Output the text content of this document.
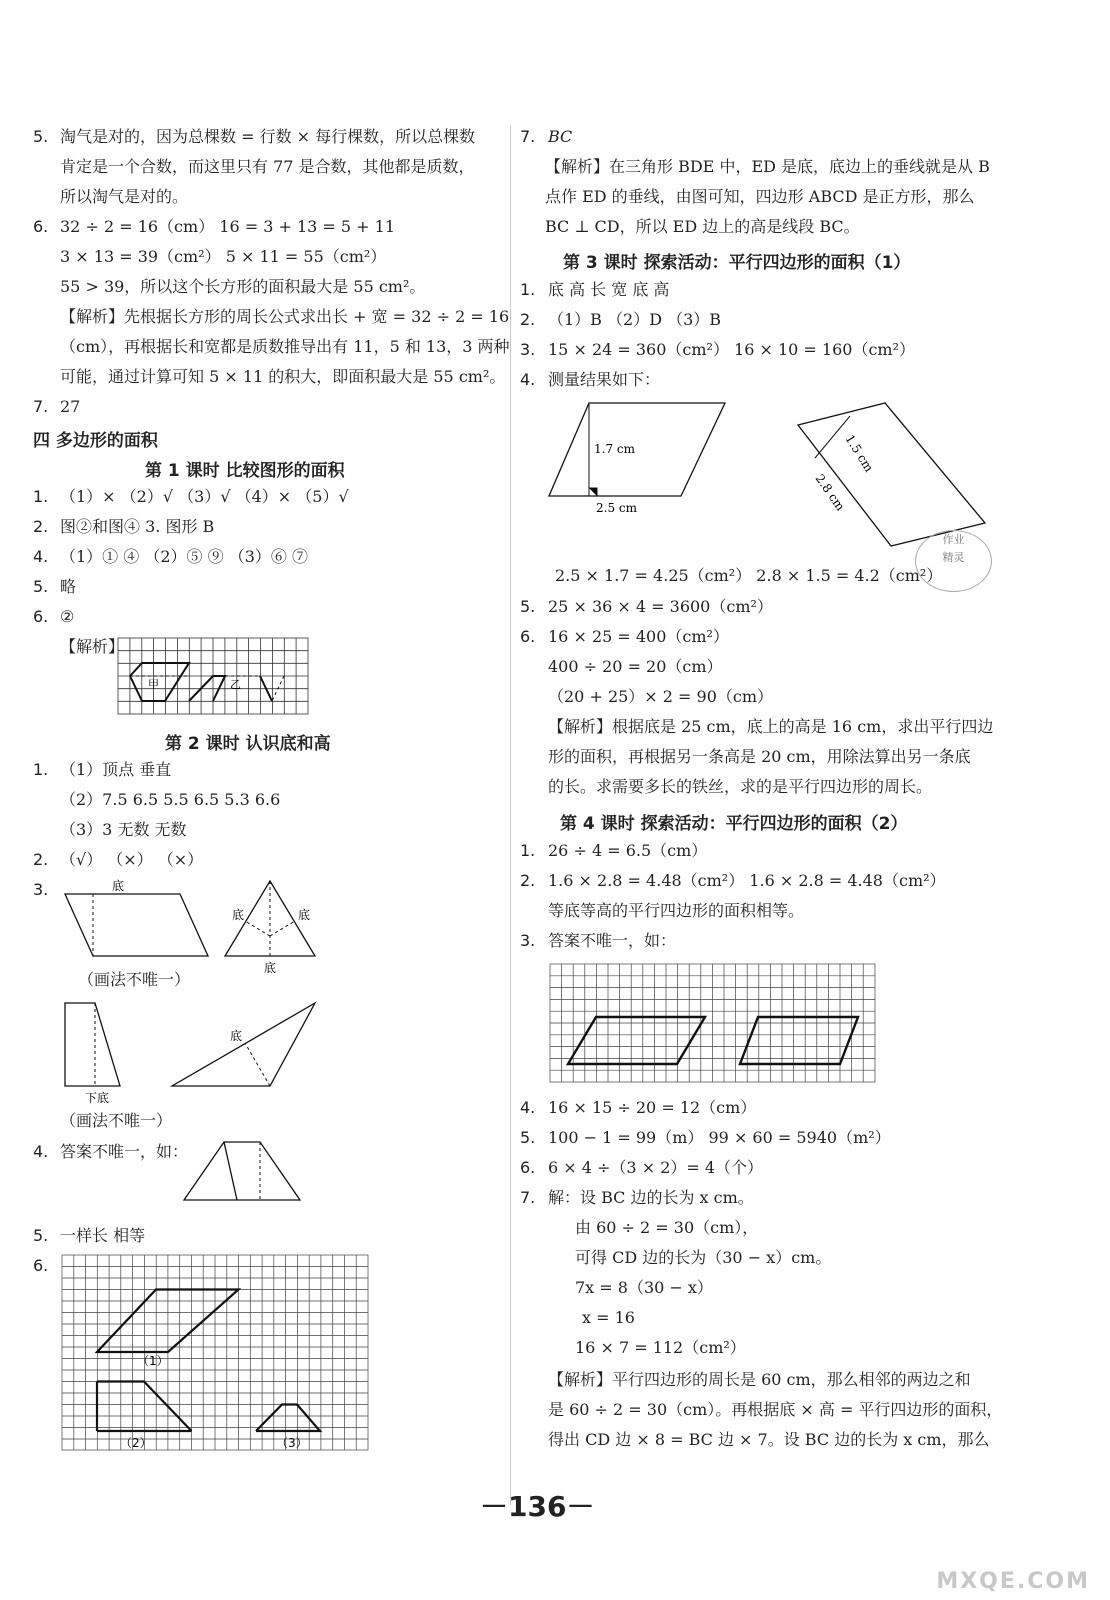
5. 淘气是对的，因为总棵数 = 行数 × 每行棵数，所以总棵数
肯定是一个合数，而这里只有 77 是合数，其他都是质数，
所以淘气是对的。
6. 32 ÷ 2 = 16（cm） 16 = 3 + 13 = 5 + 11
3 × 13 = 39（cm²） 5 × 11 = 55（cm²）
55 > 39，所以这个长方形的面积最大是 55 cm²。
【解析】先根据长方形的周长公式求出长 + 宽 = 32 ÷ 2 = 16
（cm），再根据长和宽都是质数推导出有 11，5 和 13，3 两种
可能，通过计算可知 5 × 11 的积大，即面积最大是 55 cm²。
7. 27
四 多边形的面积
第 1 课时 比较图形的面积
1. （1）× （2）√ （3）√ （4）× （5）√
2. 图②和图④ 3. 图形 B
4. （1）① ④ （2）⑤ ⑨ （3）⑥ ⑦
5. 略
6. ②
【解析】
甲	乙
第 2 课时 认识底和高
1. （1）顶点 垂直
（2）7.5 6.5 5.5 6.5 5.3 6.6
（3）3 无数 无数
2. （√） （×） （×）
3.	底
底	底
底
（画法不唯一）
底
下底
（画法不唯一）
4. 答案不唯一，如：
5. 一样长 相等
6.
（1）
（2）	（3）
7. BC
【解析】在三角形 BDE 中，ED 是底，底边上的垂线就是从 B
点作 ED 的垂线，由图可知，四边形 ABCD 是正方形，那么
BC ⊥ CD，所以 ED 边上的高是线段 BC。
第 3 课时 探索活动：平行四边形的面积（1）
1. 底 高 长 宽 底 高
2. （1）B （2）D （3）B
3. 15 × 24 = 360（cm²） 16 × 10 = 160（cm²）
4. 测量结果如下：
1.7 cm
2.5 cm
1.5 cm
2.8 cm
2.5 × 1.7 = 4.25（cm²） 2.8 × 1.5 = 4.2（cm²）
作业
精灵
5. 25 × 36 × 4 = 3600（cm²）
6. 16 × 25 = 400（cm²）
400 ÷ 20 = 20（cm）
（20 + 25）× 2 = 90（cm）
【解析】根据底是 25 cm，底上的高是 16 cm，求出平行四边
形的面积，再根据另一条高是 20 cm，用除法算出另一条底
的长。求需要多长的铁丝，求的是平行四边形的周长。
第 4 课时 探索活动：平行四边形的面积（2）
1. 26 ÷ 4 = 6.5（cm）
2. 1.6 × 2.8 = 4.48（cm²） 1.6 × 2.8 = 4.48（cm²）
等底等高的平行四边形的面积相等。
3. 答案不唯一，如：
4. 16 × 15 ÷ 20 = 12（cm）
5. 100 − 1 = 99（m） 99 × 60 = 5940（m²）
6. 6 × 4 ÷（3 × 2）= 4（个）
7. 解：设 BC 边的长为 x cm。
由 60 ÷ 2 = 30（cm），
可得 CD 边的长为（30 − x）cm。
7x = 8（30 − x）
x = 16
16 × 7 = 112（cm²）
【解析】平行四边形的周长是 60 cm，那么相邻的两边之和
是 60 ÷ 2 = 30（cm）。再根据底 × 高 = 平行四边形的面积，
得出 CD 边 × 8 = BC 边 × 7。设 BC 边的长为 x cm，那么
－136－
MXQE.COM
